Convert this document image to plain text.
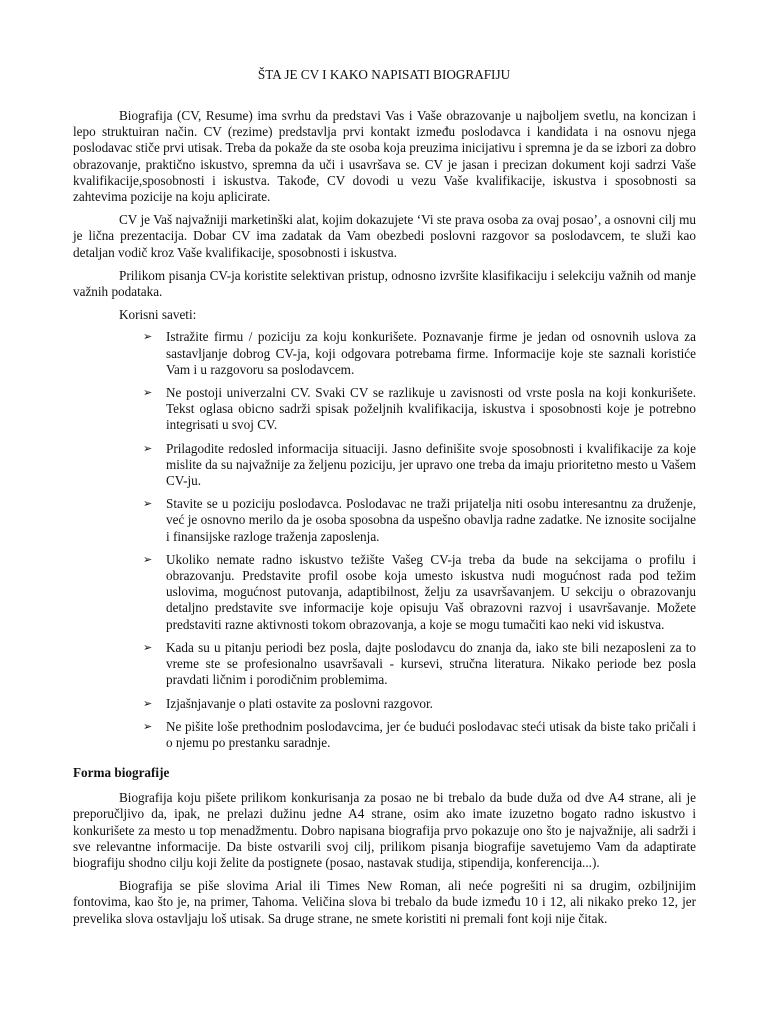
ŠTA JE CV I KAKO NAPISATI BIOGRAFIJU

Biografija (CV, Resume) ima svrhu da predstavi Vas i Vaše obrazovanje u najboljem svetlu, na koncizan i lepo struktuiran način. CV (rezime) predstavlja prvi kontakt između poslodavca i kandidata i na osnovu njega poslodavac stiče prvi utisak. Treba da pokaže da ste osoba koja preuzima inicijativu i spremna je da se izbori za dobro obrazovanje, praktično iskustvo, spremna da uči i usavršava se. CV je jasan i precizan dokument koji sadrzi Vaše kvalifikacije,sposobnosti i iskustva. Takođe, CV dovodi u vezu Vaše kvalifikacije, iskustva i sposobnosti sa zahtevima pozicije na koju aplicirate.

CV je Vaš najvažniji marketinški alat, kojim dokazujete ‘Vi ste prava osoba za ovaj posao’, a osnovni cilj mu je lična prezentacija. Dobar CV ima zadatak da Vam obezbedi poslovni razgovor sa poslodavcem, te služi kao detaljan vodič kroz Vaše kvalifikacije, sposobnosti i iskustva.

Prilikom pisanja CV-ja koristite selektivan pristup, odnosno izvršite klasifikaciju i selekciju važnih od manje važnih podataka.

Korisni saveti:

➢ Istražite firmu / poziciju za koju konkurišete. Poznavanje firme je jedan od osnovnih uslova za sastavljanje dobrog CV-ja, koji odgovara potrebama firme. Informacije koje ste saznali koristiće Vam i u razgovoru sa poslodavcem.
➢ Ne postoji univerzalni CV. Svaki CV se razlikuje u zavisnosti od vrste posla na koji konkurišete. Tekst oglasa obicno sadrži spisak poželjnih kvalifikacija, iskustva i sposobnosti koje je potrebno integrisati u svoj CV.
➢ Prilagodite redosled informacija situaciji. Jasno definišite svoje sposobnosti i kvalifikacije za koje mislite da su najvažnije za željenu poziciju, jer upravo one treba da imaju prioritetno mesto u Vašem CV-ju.
➢ Stavite se u poziciju poslodavca. Poslodavac ne traži prijatelja niti osobu interesantnu za druženje, već je osnovno merilo da je osoba sposobna da uspešno obavlja radne zadatke. Ne iznosite socijalne i finansijske razloge traženja zaposlenja.
➢ Ukoliko nemate radno iskustvo težište Vašeg CV-ja treba da bude na sekcijama o profilu i obrazovanju. Predstavite profil osobe koja umesto iskustva nudi mogućnost rada pod težim uslovima, mogućnost putovanja, adaptibilnost, želju za usavršavanjem. U sekciju o obrazovanju detaljno predstavite sve informacije koje opisuju Vaš obrazovni razvoj i usavršavanje. Možete predstaviti razne aktivnosti tokom obrazovanja, a koje se mogu tumačiti kao neki vid iskustva.
➢ Kada su u pitanju periodi bez posla, dajte poslodavcu do znanja da, iako ste bili nezaposleni za to vreme ste se profesionalno usavršavali - kursevi, stručna literatura. Nikako periode bez posla pravdati ličnim i porodičnim problemima.
➢ Izjašnjavanje o plati ostavite za poslovni razgovor.
➢ Ne pišite loše prethodnim poslodavcima, jer će budući poslodavac steći utisak da biste tako pričali i o njemu po prestanku saradnje.
Forma biografije

Biografija koju pišete prilikom konkurisanja za posao ne bi trebalo da bude duža od dve A4 strane, ali je preporučljivo da, ipak, ne prelazi dužinu jedne A4 strane, osim ako imate izuzetno bogato radno iskustvo i konkurišete za mesto u top menadžmentu. Dobro napisana biografija prvo pokazuje ono što je najvažnije, ali sadrži i sve relevantne informacije. Da biste ostvarili svoj cilj, prilikom pisanja biografije savetujemo Vam da adaptirate biografiju shodno cilju koji želite da postignete (posao, nastavak studija, stipendija, konferencija...).

Biografija se piše slovima Arial ili Times New Roman, ali neće pogrešiti ni sa drugim, ozbiljnijim fontovima, kao što je, na primer, Tahoma. Veličina slova bi trebalo da bude između 10 i 12, ali nikako preko 12, jer prevelika slova ostavljaju loš utisak. Sa druge strane, ne smete koristiti ni premali font koji nije čitak.
